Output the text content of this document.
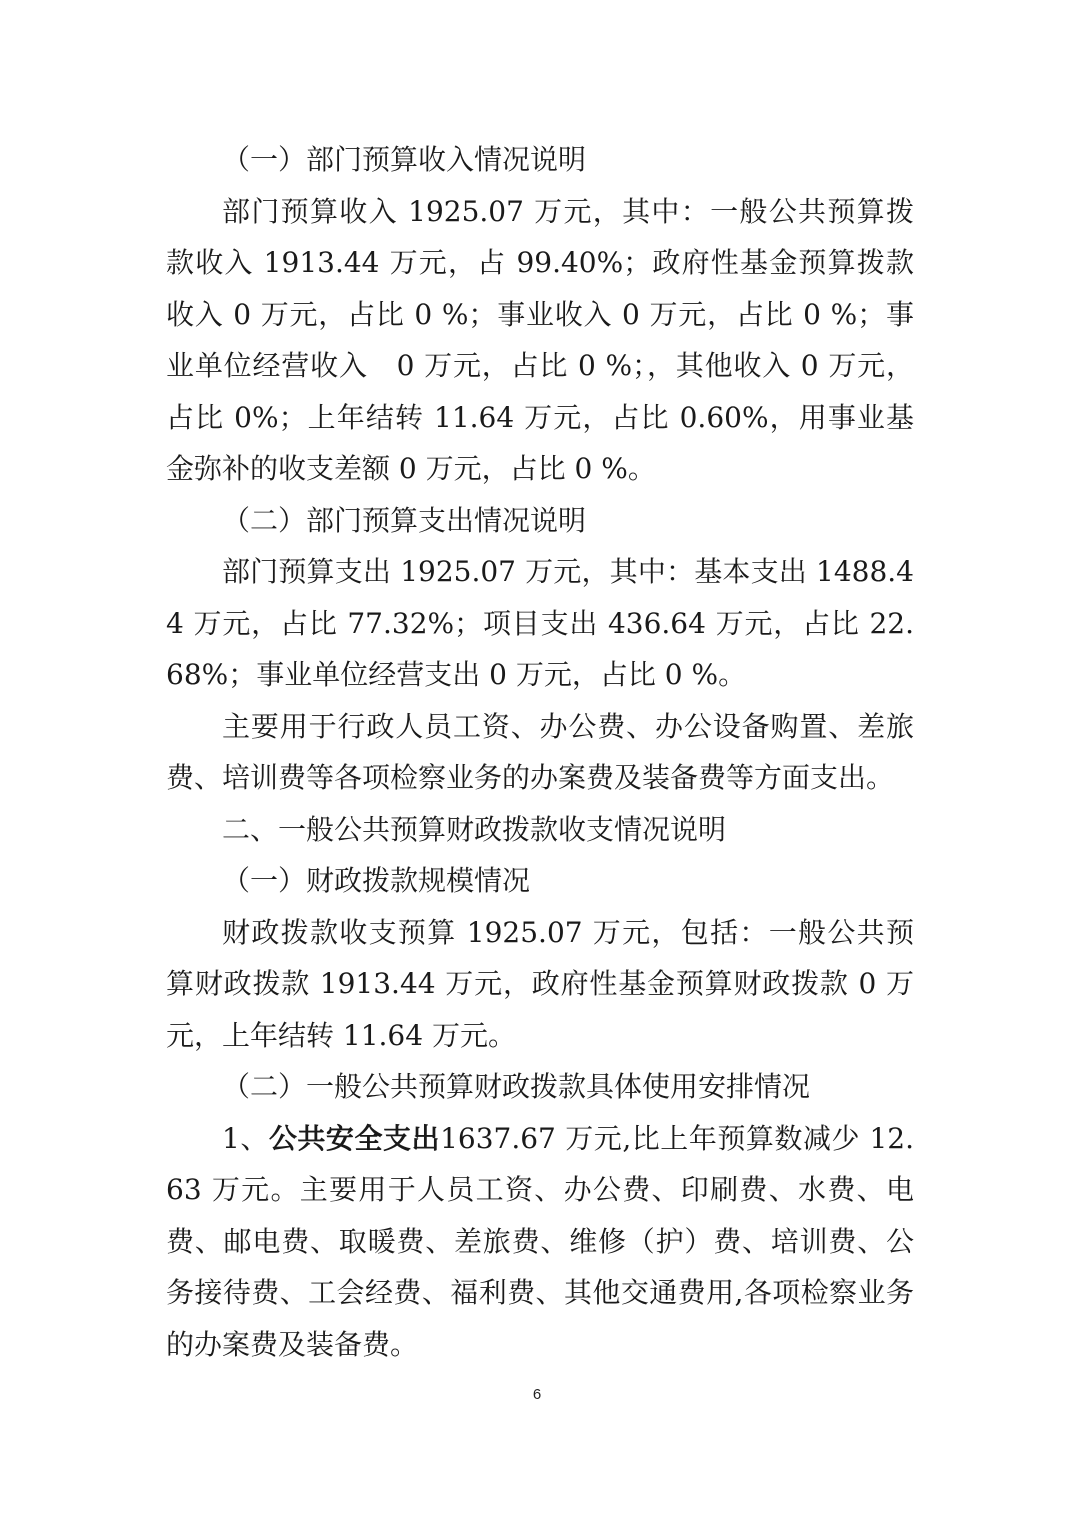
（一）部门预算收入情况说明

部门预算收入 1925.07 万元，其中：一般公共预算拨款收入 1913.44 万元，占 99.40%；政府性基金预算拨款收入 0 万元，占比 0 %；事业收入 0 万元，占比 0 %；事业单位经营收入　0 万元，占比 0 %；，其他收入 0 万元，占比 0%；上年结转 11.64 万元，占比 0.60%，用事业基金弥补的收支差额 0 万元，占比 0 %。

（二）部门预算支出情况说明

部门预算支出 1925.07 万元，其中：基本支出 1488.44 万元，占比 77.32%；项目支出 436.64 万元，占比 22.68%；事业单位经营支出 0 万元，占比 0 %。

主要用于行政人员工资、办公费、办公设备购置、差旅费、培训费等各项检察业务的办案费及装备费等方面支出。

二、一般公共预算财政拨款收支情况说明

（一）财政拨款规模情况

财政拨款收支预算 1925.07 万元，包括：一般公共预算财政拨款 1913.44 万元，政府性基金预算财政拨款 0 万元，上年结转 11.64 万元。

（二）一般公共预算财政拨款具体使用安排情况

1、公共安全支出1637.67 万元,比上年预算数减少 12.63 万元。主要用于人员工资、办公费、印刷费、水费、电费、邮电费、取暖费、差旅费、维修（护）费、培训费、公务接待费、工会经费、福利费、其他交通费用,各项检察业务的办案费及装备费。

6
